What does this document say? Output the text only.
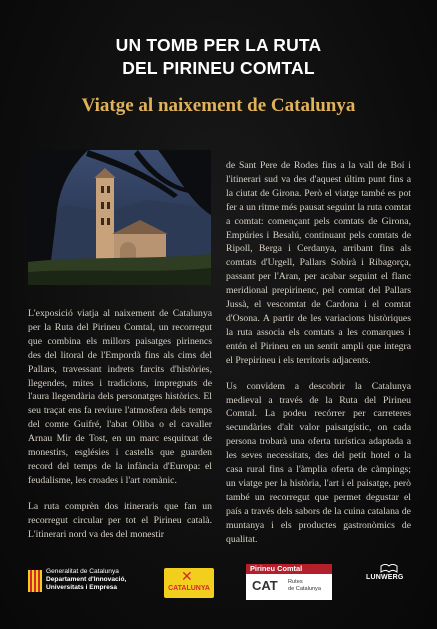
UN TOMB PER LA RUTA
DEL PIRINEU COMTAL
Viatge al naixement de Catalunya

L'exposició viatja al naixement de Catalunya per la Ruta del Pirineu Comtal, un recorregut que combina els millors paisatges pirinencs des del litoral de l'Empordà fins als cims del Pallars, travessant indrets farcits d'històries, llegendes, mites i tradicions, impregnats de l'aura llegendària dels personatges històrics. El seu traçat ens fa reviure l'atmosfera dels temps del comte Guifré, l'abat Oliba o el cavaller Arnau Mir de Tost, en un marc esquitxat de monestirs, esglésies i castells que guarden record del temps de la infància d'Europa: el feudalisme, les croades i l'art romànic.

La ruta comprèn dos itineraris que fan un recorregut circular per tot el Pirineu català. L'itinerari nord va des del monestir

de Sant Pere de Rodes fins a la vall de Boí i l'itinerari sud va des d'aquest últim punt fins a la ciutat de Girona. Però el viatge també es pot fer a un ritme més pausat seguint la ruta comtat a comtat: començant pels comtats de Girona, Empúries i Besalú, continuant pels comtats de Ripoll, Berga i Cerdanya, arribant fins als comtats d'Urgell, Pallars Sobirà i Ribagorça, passant per l'Aran, per acabar seguint el flanc meridional prepirinenc, pel comtat del Pallars Jussà, el vescomtat de Cardona i el comtat d'Osona. A partir de les variacions històriques la ruta associa els comtats a les comarques i entén el Pirineu en un sentit ampli que integra el Prepirineu i els territoris adjacents.

Us convidem a descobrir la Catalunya medieval a través de la Ruta del Pirineu Comtal. La podeu recórrer per carreteres secundàries d'alt valor paisatgístic, on cada persona trobarà una oferta turística adaptada a les seves necessitats, des del petit hotel o la casa rural fins a l'àmplia oferta de càmpings; un viatge per la història, l'art i el paisatge, però també un recorregut que permet degustar el país a través dels sabors de la cuina catalana de muntanya i els productes gastronòmics de qualitat.

Generalitat de Catalunya
Departament d'Innovació,
Universitats i Empresa
✕
CATALUNYA
Pirineu Comtal
CAT Rutes
de Catalunya
LUNWERG
